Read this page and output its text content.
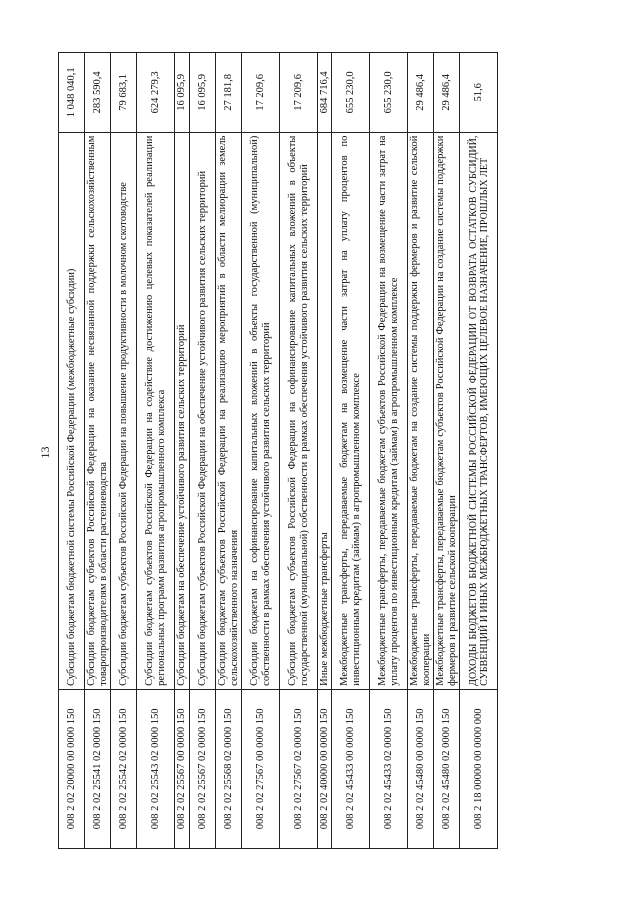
13
008 2 02 20000 00 0000 150	Субсидии бюджетам бюджетной системы Российской Федерации (межбюджетные субсидии)	1 048 040,1
008 2 02 25541 02 0000 150	Субсидии бюджетам субъектов Российской Федерации на оказание несвязанной поддержки сельскохозяйственным товаропроизводителям в области растениеводства	283 590,4
008 2 02 25542 02 0000 150	Субсидии бюджетам субъектов Российской Федерации на повышение продуктивности в молочном скотоводстве	79 683,1
008 2 02 25543 02 0000 150	Субсидии бюджетам субъектов Российской Федерации на содействие достижению целевых показателей реализации региональных программ развития агропромышленного комплекса	624 279,3
008 2 02 25567 00 0000 150	Субсидии бюджетам на обеспечение устойчивого развития сельских территорий	16 095,9
008 2 02 25567 02 0000 150	Субсидии бюджетам субъектов Российской Федерации на обеспечение устойчивого развития сельских территорий	16 095,9
008 2 02 25568 02 0000 150	Субсидии бюджетам субъектов Российской Федерации на реализацию мероприятий в области мелиорации земель сельскохозяйственного назначения	27 181,8
008 2 02 27567 00 0000 150	Субсидии бюджетам на софинансирование капитальных вложений в объекты государственной (муниципальной) собственности в рамках обеспечения устойчивого развития сельских территорий	17 209,6
008 2 02 27567 02 0000 150	Субсидии бюджетам субъектов Российской Федерации на софинансирование капитальных вложений в объекты государственной (муниципальной) собственности в рамках обеспечения устойчивого развития сельских территорий	17 209,6
008 2 02 40000 00 0000 150	Иные межбюджетные трансферты	684 716,4
008 2 02 45433 00 0000 150	Межбюджетные трансферты, передаваемые бюджетам на возмещение части затрат на уплату процентов по инвестиционным кредитам (займам) в агропромышленном комплексе	655 230,0
008 2 02 45433 02 0000 150	Межбюджетные трансферты, передаваемые бюджетам субъектов Российской Федерации на возмещение части затрат на уплату процентов по инвестиционным кредитам (займам) в агропромышленном комплексе	655 230,0
008 2 02 45480 00 0000 150	Межбюджетные трансферты, передаваемые бюджетам на создание системы поддержки фермеров и развитие сельской кооперации	29 486,4
008 2 02 45480 02 0000 150	Межбюджетные трансферты, передаваемые бюджетам субъектов Российской Федерации на создание системы поддержки фермеров и развитие сельской кооперации	29 486,4
008 2 18 00000 00 0000 000	ДОХОДЫ БЮДЖЕТОВ БЮДЖЕТНОЙ СИСТЕМЫ РОССИЙСКОЙ ФЕДЕРАЦИИ ОТ ВОЗВРАТА ОСТАТКОВ СУБСИДИЙ, СУБВЕНЦИЙ И ИНЫХ МЕЖБЮДЖЕТНЫХ ТРАНСФЕРТОВ, ИМЕЮЩИХ ЦЕЛЕВОЕ НАЗНАЧЕНИЕ, ПРОШЛЫХ ЛЕТ	51,6
